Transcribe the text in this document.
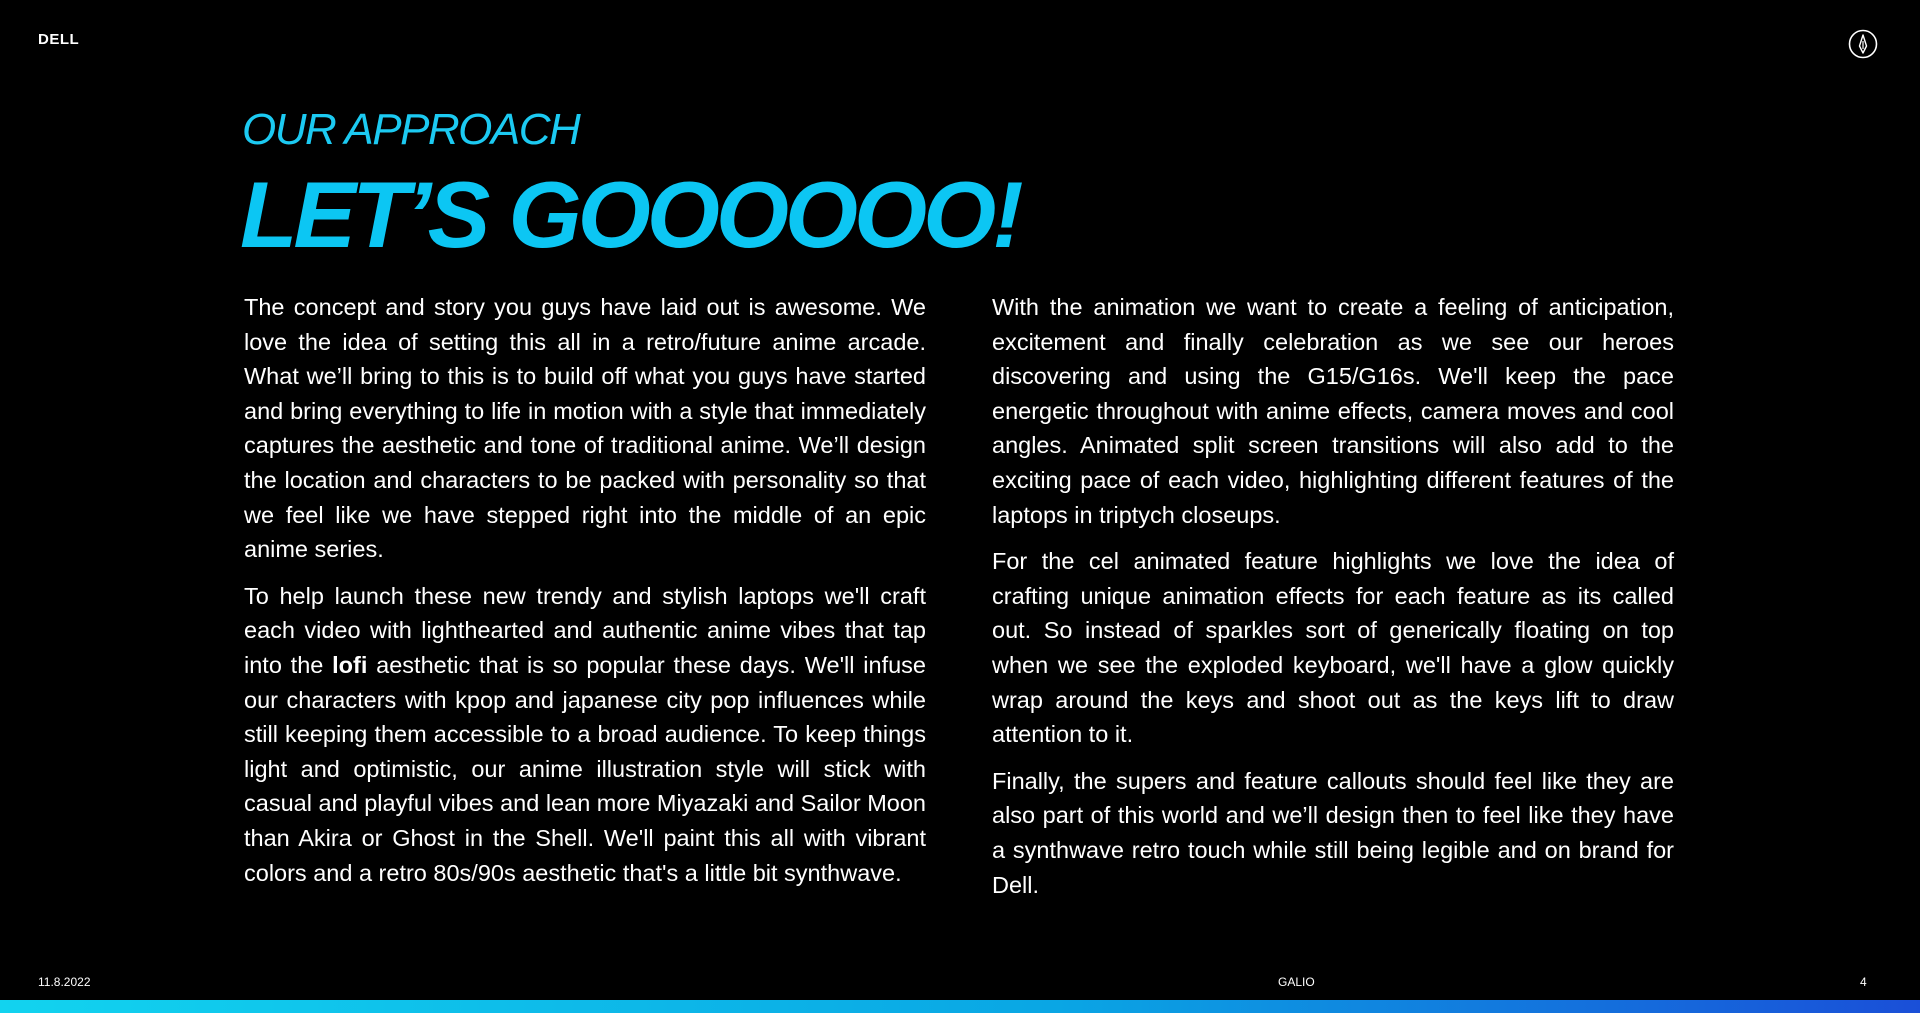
DELL
OUR APPROACH
LET’S GOOOOOO!

The concept and story you guys have laid out is awesome. We love the idea of setting this all in a retro/future anime arcade. What we’ll bring to this is to build off what you guys have started and bring everything to life in motion with a style that immediately captures the aesthetic and tone of traditional anime. We’ll design the location and characters to be packed with personality so that we feel like we have stepped right into the middle of an epic anime series.

To help launch these new trendy and stylish laptops we'll craft each video with lighthearted and authentic anime vibes that tap into the lofi aesthetic that is so popular these days. We'll infuse our characters with kpop and japanese city pop influences while still keeping them accessible to a broad audience. To keep things light and optimistic, our anime illustration style will stick with casual and playful vibes and lean more Miyazaki and Sailor Moon than Akira or Ghost in the Shell. We'll paint this all with vibrant colors and a retro 80s/90s aesthetic that's a little bit synthwave.

With the animation we want to create a feeling of anticipation, excitement and finally celebration as we see our heroes discovering and using the G15/G16s. We'll keep the pace energetic throughout with anime effects, camera moves and cool angles. Animated split screen transitions will also add to the exciting pace of each video, highlighting different features of the laptops in triptych closeups.

For the cel animated feature highlights we love the idea of crafting unique animation effects for each feature as its called out. So instead of sparkles sort of generically floating on top when we see the exploded keyboard, we'll have a glow quickly wrap around the keys and shoot out as the keys lift to draw attention to it.

Finally, the supers and feature callouts should feel like they are also part of this world and we’ll design then to feel like they have a synthwave retro touch while still being legible and on brand for Dell.

11.8.2022	GALIO	4
